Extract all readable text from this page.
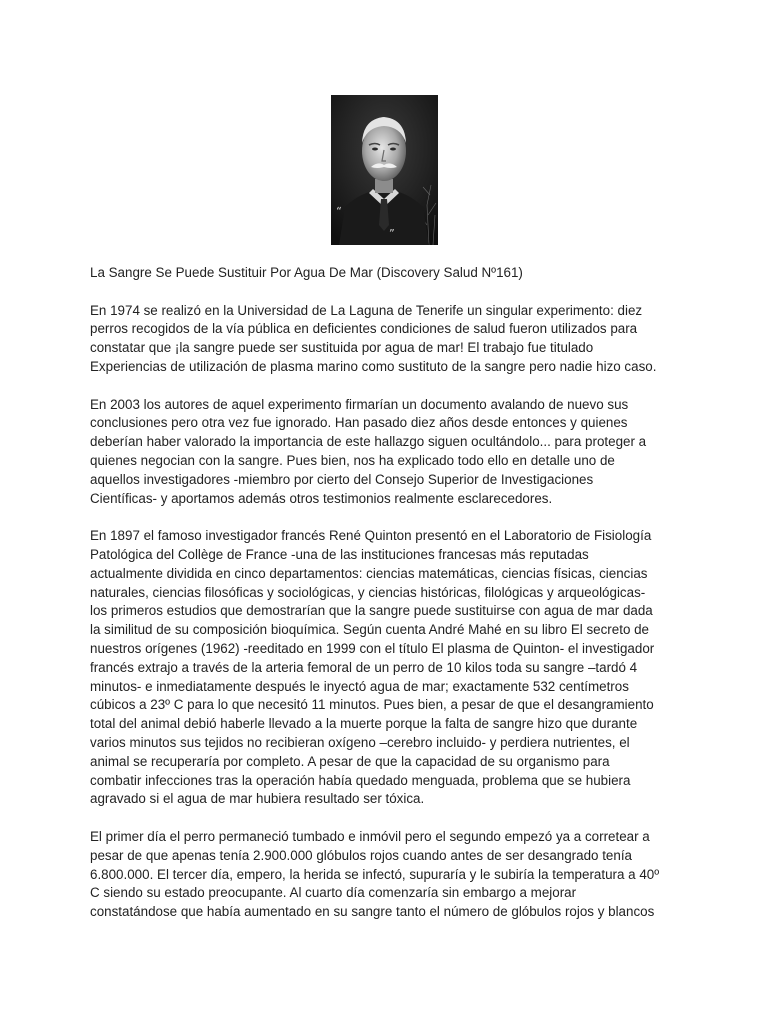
“
”
La Sangre Se Puede Sustituir Por Agua De Mar (Discovery Salud Nº161)
En 1974 se realizó en la Universidad de La Laguna de Tenerife un singular experimento: diez
perros recogidos de la vía pública en deficientes condiciones de salud fueron utilizados para
constatar que ¡la sangre puede ser sustituida por agua de mar! El trabajo fue titulado
Experiencias de utilización de plasma marino como sustituto de la sangre pero nadie hizo caso.
En 2003 los autores de aquel experimento firmarían un documento avalando de nuevo sus
conclusiones pero otra vez fue ignorado. Han pasado diez años desde entonces y quienes
deberían haber valorado la importancia de este hallazgo siguen ocultándolo... para proteger a
quienes negocian con la sangre. Pues bien, nos ha explicado todo ello en detalle uno de
aquellos investigadores -miembro por cierto del Consejo Superior de Investigaciones
Científicas- y aportamos además otros testimonios realmente esclarecedores.
En 1897 el famoso investigador francés René Quinton presentó en el Laboratorio de Fisiología
Patológica del Collège de France -una de las instituciones francesas más reputadas
actualmente dividida en cinco departamentos: ciencias matemáticas, ciencias físicas, ciencias
naturales, ciencias filosóficas y sociológicas, y ciencias históricas, filológicas y arqueológicas-
los primeros estudios que demostrarían que la sangre puede sustituirse con agua de mar dada
la similitud de su composición bioquímica. Según cuenta André Mahé en su libro El secreto de
nuestros orígenes (1962) -reeditado en 1999 con el título El plasma de Quinton- el investigador
francés extrajo a través de la arteria femoral de un perro de 10 kilos toda su sangre –tardó 4
minutos- e inmediatamente después le inyectó agua de mar; exactamente 532 centímetros
cúbicos a 23º C para lo que necesitó 11 minutos. Pues bien, a pesar de que el desangramiento
total del animal debió haberle llevado a la muerte porque la falta de sangre hizo que durante
varios minutos sus tejidos no recibieran oxígeno –cerebro incluido- y perdiera nutrientes, el
animal se recuperaría por completo. A pesar de que la capacidad de su organismo para
combatir infecciones tras la operación había quedado menguada, problema que se hubiera
agravado si el agua de mar hubiera resultado ser tóxica.
El primer día el perro permaneció tumbado e inmóvil pero el segundo empezó ya a corretear a
pesar de que apenas tenía 2.900.000 glóbulos rojos cuando antes de ser desangrado tenía
6.800.000. El tercer día, empero, la herida se infectó, supuraría y le subiría la temperatura a 40º
C siendo su estado preocupante. Al cuarto día comenzaría sin embargo a mejorar
constatándose que había aumentado en su sangre tanto el número de glóbulos rojos y blancos
